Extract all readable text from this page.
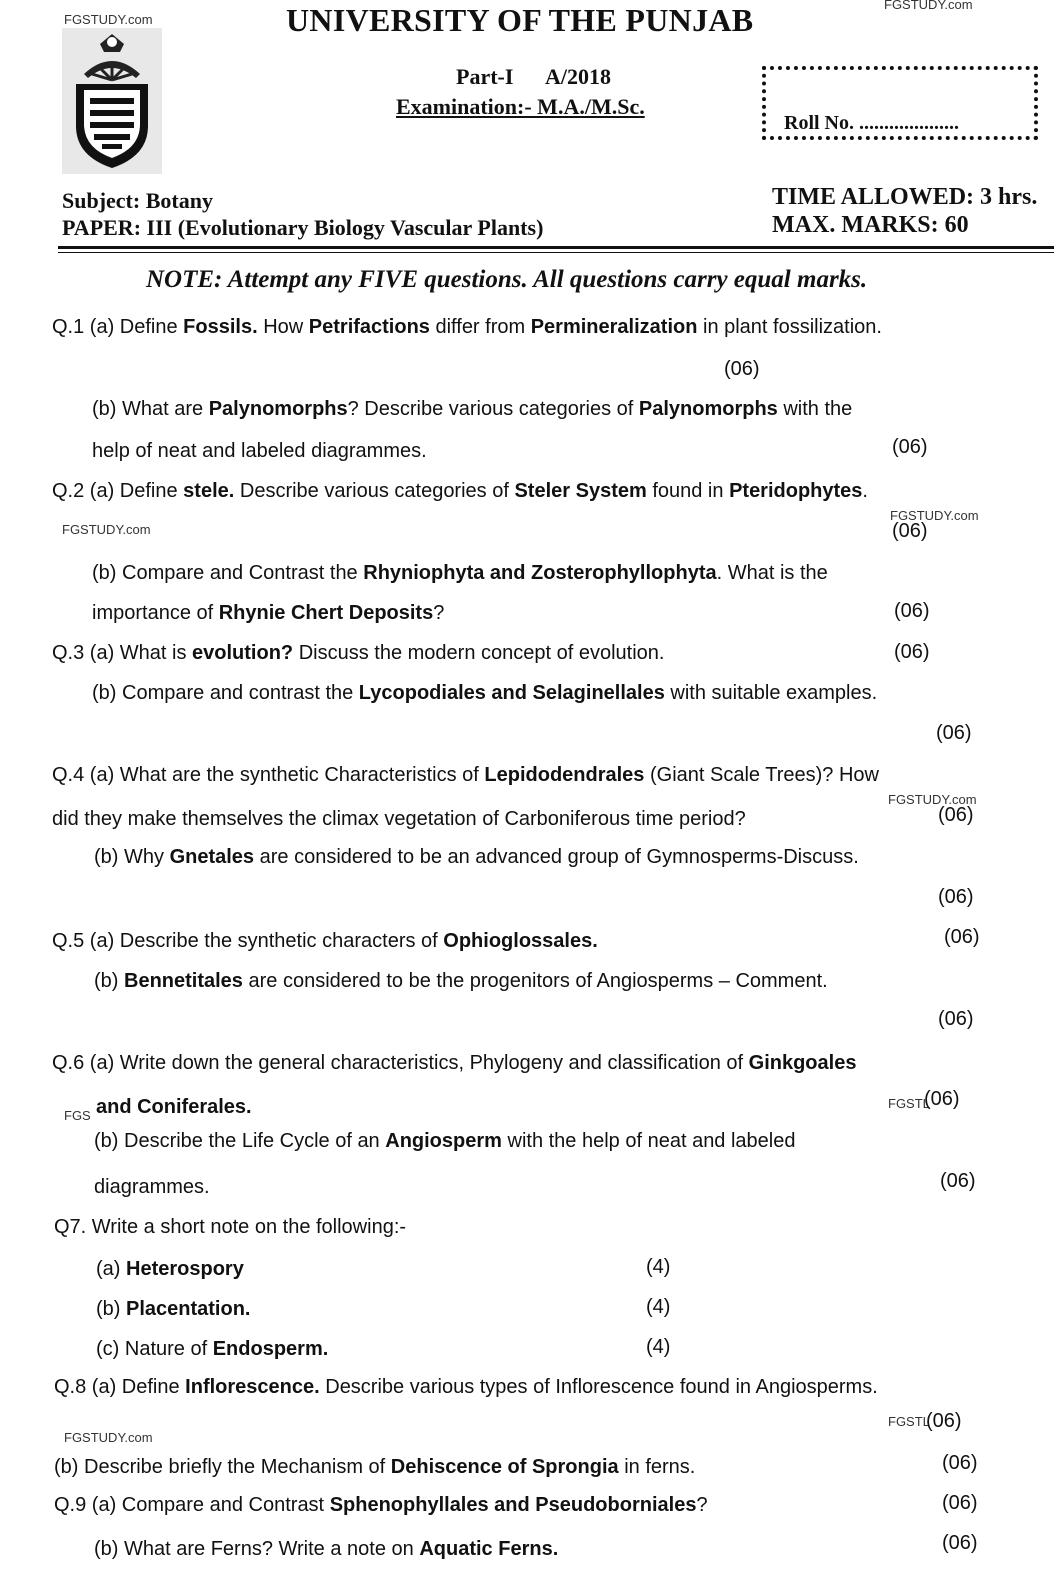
FGSTUDY.com
FGSTUDY.com
UNIVERSITY OF THE PUNJAB
Part-I A/2018
Examination:- M.A./M.Sc.
Roll No. ....................
Subject: Botany
PAPER: III (Evolutionary Biology Vascular Plants)
TIME ALLOWED: 3 hrs.
MAX. MARKS: 60
NOTE: Attempt any FIVE questions. All questions carry equal marks.
Q.1 (a) Define Fossils. How Petrifactions differ from Permineralization in plant fossilization.
(06)
(b) What are Palynomorphs? Describe various categories of Palynomorphs with the
help of neat and labeled diagrammes.	(06)
Q.2 (a) Define stele. Describe various categories of Steler System found in Pteridophytes.
FGSTUDY.com
FGSTUDY.com
(06)
(b) Compare and Contrast the Rhyniophyta and Zosterophyllophyta. What is the
importance of Rhynie Chert Deposits?	(06)
Q.3 (a) What is evolution? Discuss the modern concept of evolution.	(06)
(b) Compare and contrast the Lycopodiales and Selaginellales with suitable examples.
(06)
Q.4 (a) What are the synthetic Characteristics of Lepidodendrales (Giant Scale Trees)? How
FGSTUDY.com
did they make themselves the climax vegetation of Carboniferous time period?	(06)
(b) Why Gnetales are considered to be an advanced group of Gymnosperms-Discuss.
(06)
Q.5 (a) Describe the synthetic characters of Ophioglossales.	(06)
(b) Bennetitales are considered to be the progenitors of Angiosperms – Comment.
(06)
Q.6 (a) Write down the general characteristics, Phylogeny and classification of Ginkgoales
FGS and Coniferales.	FGSTL
(06)
(b) Describe the Life Cycle of an Angiosperm with the help of neat and labeled
diagrammes.	(06)
Q7. Write a short note on the following:-
(a) Heterospory	(4)
(b) Placentation.	(4)
(c) Nature of Endosperm.	(4)
Q.8 (a) Define Inflorescence. Describe various types of Inflorescence found in Angiosperms.
FGSTL
(06)
FGSTUDY.com
(b) Describe briefly the Mechanism of Dehiscence of Sprongia in ferns.	(06)
Q.9 (a) Compare and Contrast Sphenophyllales and Pseudoborniales?	(06)
(b) What are Ferns? Write a note on Aquatic Ferns.	(06)
